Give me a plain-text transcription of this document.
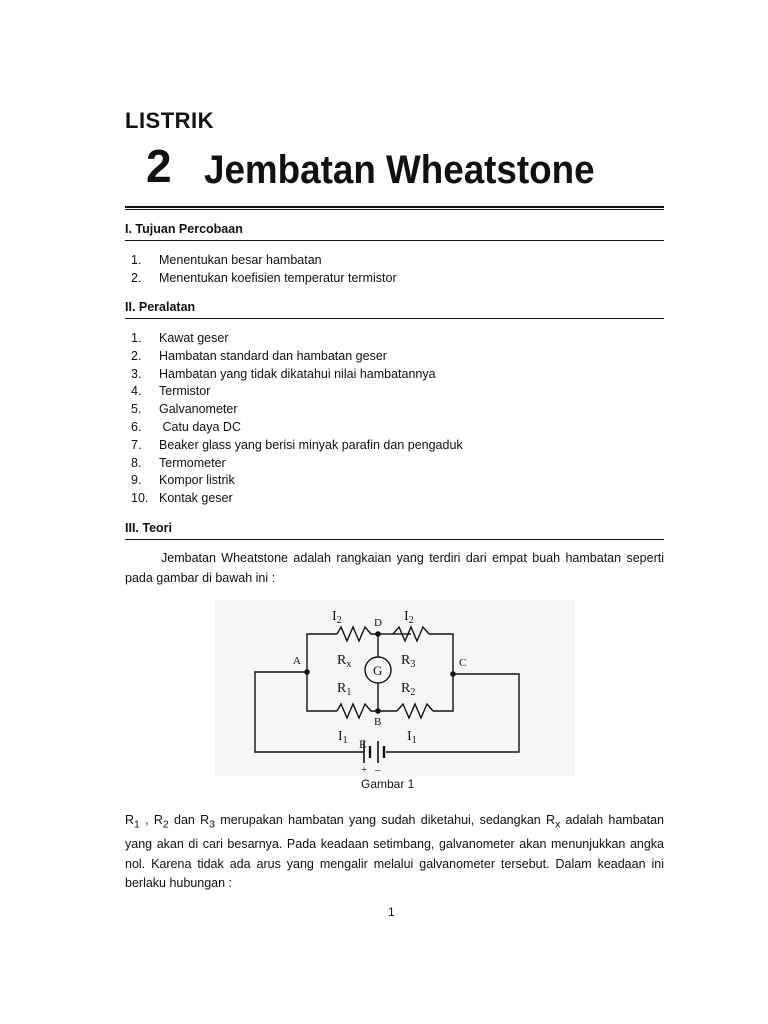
LISTRIK
2 Jembatan Wheatstone
I. Tujuan Percobaan
1.	Menentukan besar hambatan
2.	Menentukan koefisien temperatur termistor
II. Peralatan
1.	Kawat geser
2.	Hambatan standard dan hambatan geser
3.	Hambatan yang tidak dikatahui nilai hambatannya
4.	Termistor
5.	Galvanometer
6.	Catu daya DC
7.	Beaker glass yang berisi minyak parafin dan pengaduk
8.	Termometer
9.	Kompor listrik
10. Kontak geser
III. Teori
Jembatan Wheatstone adalah rangkaian yang terdiri dari empat buah hambatan seperti pada gambar di bawah ini :
$I_2$	$I_2$
D
A	C
B
G
$R_x$	$R_3$
$R_1$	$R_2$
$I_1$	$I_1$
E
+ –
Gambar 1
$R_1$ , $R_2$ dan $R_3$ merupakan hambatan yang sudah diketahui, sedangkan $R_x$ adalah hambatan yang akan di cari besarnya. Pada keadaan setimbang, galvanometer akan menunjukkan angka nol. Karena tidak ada arus yang mengalir melalui galvanometer tersebut. Dalam keadaan ini berlaku hubungan :
1
